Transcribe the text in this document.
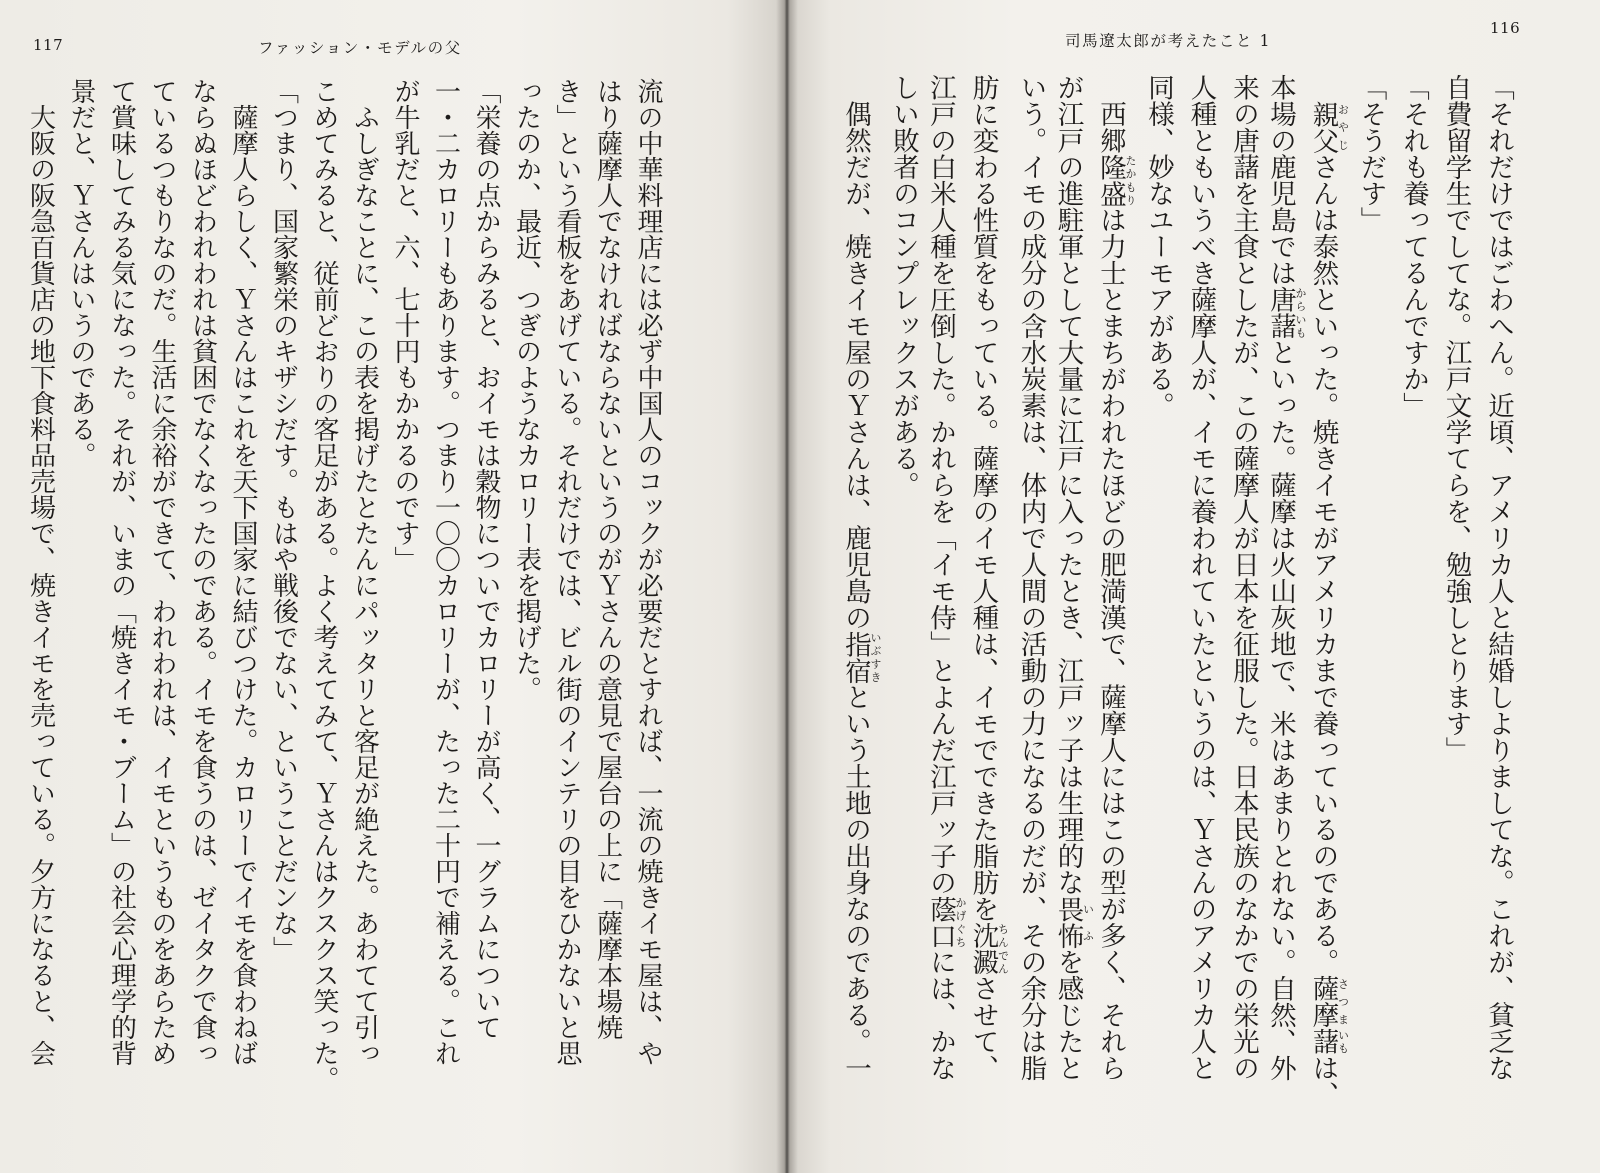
117	ファッション・モデルの父
流の中華料理店には必ず中国人のコックが必要だとすれば、一流の焼きイモ屋は、や
はり薩摩人でなければならないというのがＹさんの意見で屋台の上に「薩摩本場焼
き」という看板をあげている。それだけでは、ビル街のインテリの目をひかないと思
ったのか、最近、つぎのようなカロリー表を掲げた。
「栄養の点からみると、おイモは穀物についでカロリーが高く、一グラムについて
一・二カロリーもあります。つまり一〇〇カロリーが、たった二十円で補える。これ
が牛乳だと、六、七十円もかかるのです」
　ふしぎなことに、この表を掲げたとたんにパッタリと客足が絶えた。あわてて引っ
こめてみると、従前どおりの客足がある。よく考えてみて、Ｙさんはクスクス笑った。
「つまり、国家繁栄のキザシだす。もはや戦後でない、ということだンな」
　薩摩人らしく、Ｙさんはこれを天下国家に結びつけた。カロリーでイモを食わねば
ならぬほどわれわれは貧困でなくなったのである。イモを食うのは、ゼイタクで食っ
ているつもりなのだ。生活に余裕ができて、われわれは、イモというものをあらため
て賞味してみる気になった。それが、いまの「焼きイモ・ブーム」の社会心理学的背
景だと、Ｙさんはいうのである。
　大阪の阪急百貨店の地下食料品売場で、焼きイモを売っている。夕方になると、会
司馬遼太郎が考えたこと 1
116
「それだけではごわへん。近頃、アメリカ人と結婚しよりましてな。これが、貧乏な
自費留学生でしてな。江戸文学てらを、勉強しとります」
「それも養ってるんですか」
「そうだす」
　親父おやじさんは泰然といった。焼きイモがアメリカまで養っているのである。薩摩さつま藷いもは、
本場の鹿児島では唐藷からいもといった。薩摩は火山灰地で、米はあまりとれない。自然、外
来の唐藷を主食としたが、この薩摩人が日本を征服した。日本民族のなかでの栄光の
人種ともいうべき薩摩人が、イモに養われていたというのは、Ｙさんのアメリカ人と
同様、妙なユーモアがある。
　西郷隆盛たかもりは力士とまちがわれたほどの肥満漢で、薩摩人にはこの型が多く、それら
が江戸の進駐軍として大量に江戸に入ったとき、江戸ッ子は生理的な畏怖いふを感じたと
いう。イモの成分の含水炭素は、体内で人間の活動の力になるのだが、その余分は脂
肪に変わる性質をもっている。薩摩のイモ人種は、イモでできた脂肪を沈澱ちんでんさせて、
江戸の白米人種を圧倒した。かれらを「イモ侍」とよんだ江戸ッ子の蔭口かげぐちには、かな
しい敗者のコンプレックスがある。
　偶然だが、焼きイモ屋のＹさんは、鹿児島の指宿いぶすきという土地の出身なのである。一
